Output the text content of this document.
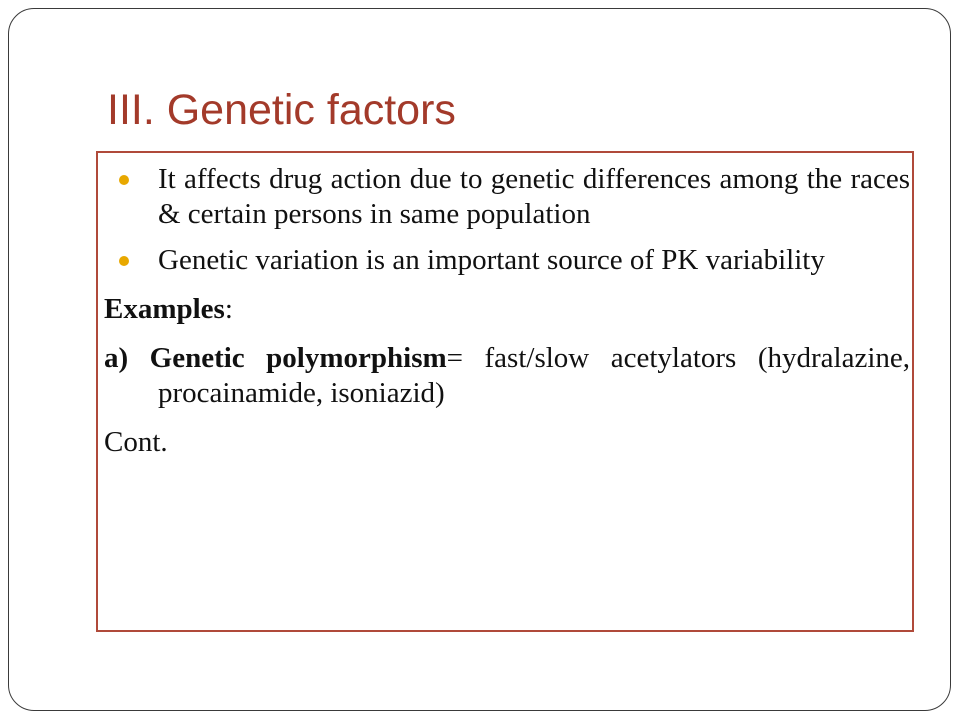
III. Genetic factors
It affects drug action due to genetic differences among the races & certain persons in same population
Genetic variation is an important source of PK variability
Examples:
a) Genetic polymorphism= fast/slow acetylators (hydralazine, procainamide, isoniazid)
Cont.
